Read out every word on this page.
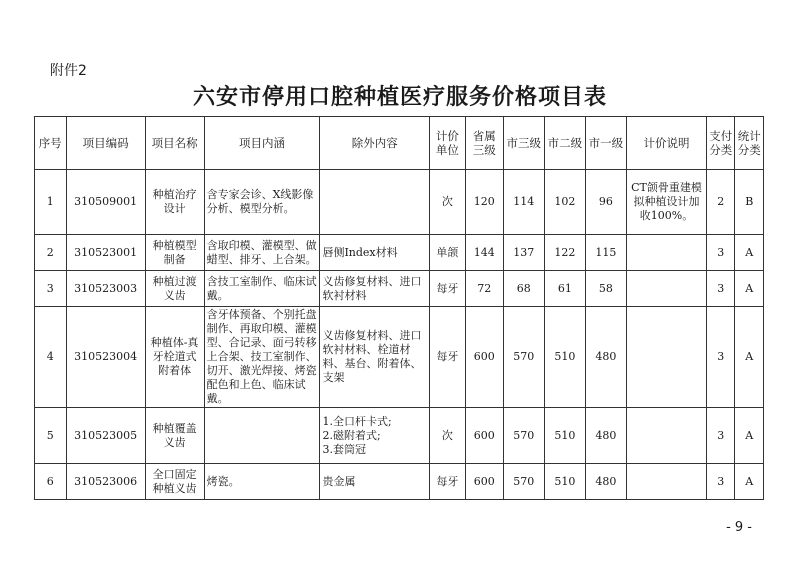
附件2
六安市停用口腔种植医疗服务价格项目表
序号	项目编码	项目名称	项目内涵	除外内容	计价单位	省属三级	市三级	市二级	市一级	计价说明	支付分类	统计分类
1	310509001	种植治疗设计	含专家会诊、X线影像分析、模型分析。		次	120	114	102	96	CT颌骨重建模拟种植设计加收100%。	2	B
2	310523001	种植模型制备	含取印模、灌模型、做蜡型、排牙、上合架。	唇侧Index材料	单颌	144	137	122	115		3	A
3	310523003	种植过渡义齿	含技工室制作、临床试戴。	义齿修复材料、进口软衬材料	每牙	72	68	61	58		3	A
4	310523004	种植体-真牙栓道式附着体	含牙体预备、个别托盘制作、再取印模、灌模型、合记录、面弓转移上合架、技工室制作、切开、激光焊接、烤瓷配色和上色、临床试戴。	义齿修复材料、进口软衬材料、栓道材料、基台、附着体、支架	每牙	600	570	510	480		3	A
5	310523005	种植覆盖义齿		1.全口杆卡式;
2.磁附着式;
3.套筒冠	次	600	570	510	480		3	A
6	310523006	全口固定种植义齿	烤瓷。	贵金属	每牙	600	570	510	480		3	A
- 9 -
